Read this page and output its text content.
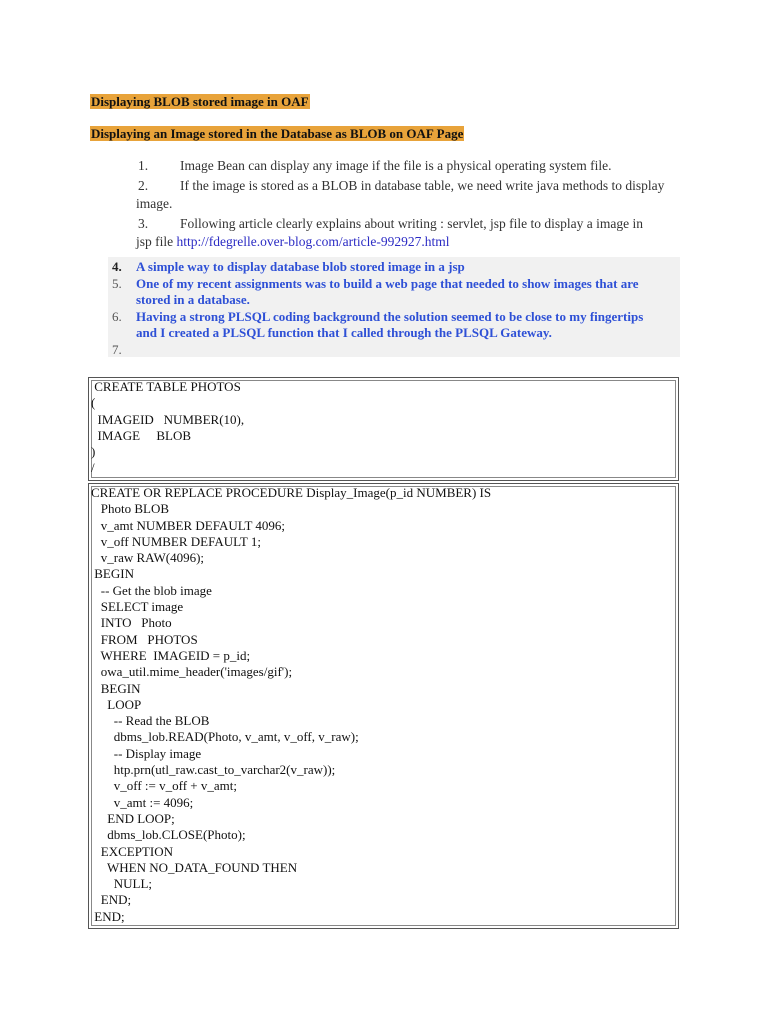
Displaying BLOB stored image in OAF
Displaying an Image stored in the Database as BLOB on OAF Page
1. Image Bean can display any image if the file is a physical operating system file.
2. If the image is stored as a BLOB in database table, we need write java methods to display
image.
3. Following article clearly explains about writing : servlet, jsp file to display a image in
jsp file http://fdegrelle.over-blog.com/article-992927.html
4. A simple way to display database blob stored image in a jsp
5. One of my recent assignments was to build a web page that needed to show images that are
stored in a database.
6. Having a strong PLSQL coding background the solution seemed to be close to my fingertips
and I created a PLSQL function that I called through the PLSQL Gateway.
7.

CREATE TABLE PHOTOS
(
IMAGEID   NUMBER(10),
IMAGE     BLOB
)
/
CREATE OR REPLACE PROCEDURE Display_Image(p_id NUMBER) IS
Photo BLOB
v_amt NUMBER DEFAULT 4096;
v_off NUMBER DEFAULT 1;
v_raw RAW(4096);
BEGIN
-- Get the blob image
SELECT image
INTO   Photo
FROM   PHOTOS
WHERE  IMAGEID = p_id;
owa_util.mime_header('images/gif');
BEGIN
LOOP
-- Read the BLOB
dbms_lob.READ(Photo, v_amt, v_off, v_raw);
-- Display image
htp.prn(utl_raw.cast_to_varchar2(v_raw));
v_off := v_off + v_amt;
v_amt := 4096;
END LOOP;
dbms_lob.CLOSE(Photo);
EXCEPTION
WHEN NO_DATA_FOUND THEN
NULL;
END;
END;
